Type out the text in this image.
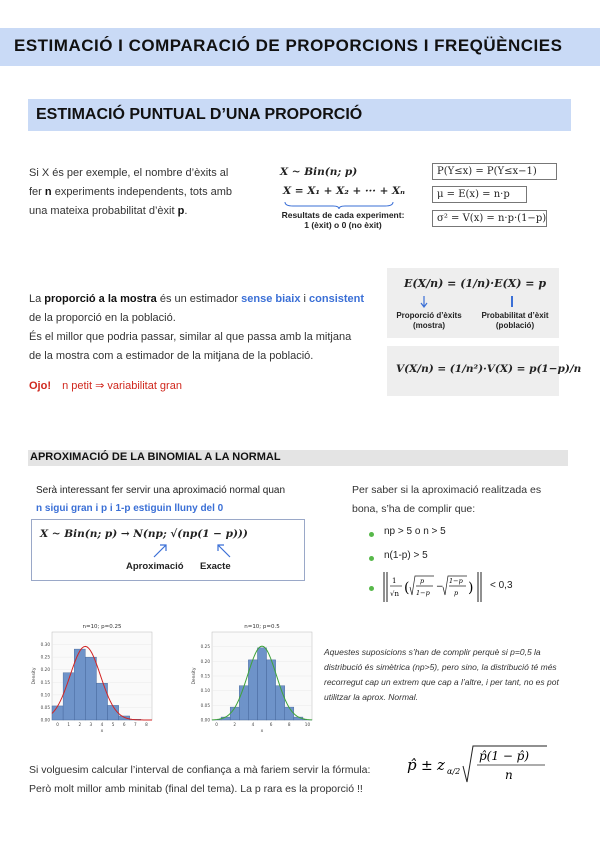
ESTIMACIÓ I COMPARACIÓ DE PROPORCIONS I FREQÜÈNCIES
ESTIMACIÓ PUNTUAL D’UNA PROPORCIÓ
Si X és per exemple, el nombre d’èxits al
fer n experiments independents, tots amb
una mateixa probabilitat d’èxit p.
X ~ Bin(n; p)
X = X₁ + X₂ + ··· + Xₙ
Resultats de cada experiment:
1 (èxit) o 0 (no èxit)
P(Y≤x) = P(Y≤x−1)
μ = E(x) = n·p
σ² = V(x) = n·p·(1−p)
E(X/n) = (1/n)·E(X) = p
Proporció d’èxits
(mostra)
Probabilitat d’èxit
(població)
V(X/n) = (1/n²)·V(X) = p(1−p)/n
La proporció a la mostra és un estimador sense biaix i consistent
de la proporció en la població.
És el millor que podria passar, similar al que passa amb la mitjana
de la mostra com a estimador de la mitjana de la població.
Ojo! n petit ⇒ variabilitat gran
APROXIMACIÓ DE LA BINOMIAL A LA NORMAL
Serà interessant fer servir una aproximació normal quan
n sigui gran i p i 1-p estiguin lluny del 0
X ~ Bin(n; p) → N(np; √(np(1 − p)))
Aproximació Exacte
Per saber si la aproximació realitzada es
bona, s’ha de complir que:
np > 5 o n > 5
n(1-p) > 5
1
√n ( p
1−p
−
1−p
p ) < 0,3
n=10; p=0.25
0.00
0.05
0.10
0.15
0.20
0.25
0.30
0 1 2 3 4 5 6 7 8
x
Density
n=10; p=0.5
0.00
0.05
0.10
0.15
0.20
0.25
0	2	4	6	8	10
x
Density
Aquestes suposicions s’han de complir perquè si p=0,5 la
distribució és simètrica (np>5), pero sino, la distribució té més
recorregut cap un extrem que cap a l’altre, i per tant, no es pot
utilitzar la aprox. Normal.
Si volguesim calcular l’interval de confiança a mà fariem servir la fórmula:
Però molt millor amb minitab (final del tema). La p rara es la proporció !!
p̂ ± z α/2
p̂(1 − p̂)
n
